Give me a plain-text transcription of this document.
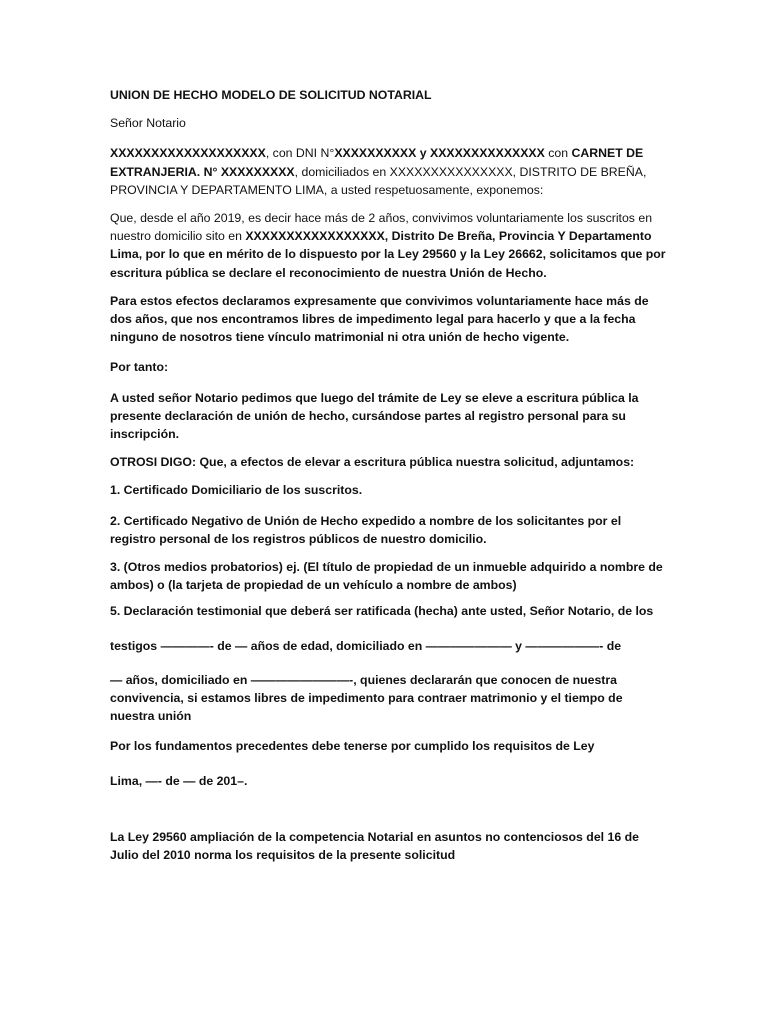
UNION DE HECHO MODELO DE SOLICITUD NOTARIAL

Señor Notario

XXXXXXXXXXXXXXXXXXX, con DNI N°XXXXXXXXXX y XXXXXXXXXXXXXX con CARNET DE EXTRANJERIA. N° XXXXXXXXX, domiciliados en XXXXXXXXXXXXXXX, DISTRITO DE BREÑA, PROVINCIA Y DEPARTAMENTO LIMA, a usted respetuosamente, exponemos:

Que, desde el año 2019, es decir hace más de 2 años, convivimos voluntariamente los suscritos en nuestro domicilio sito en XXXXXXXXXXXXXXXXX, Distrito De Breña, Provincia Y Departamento Lima, por lo que en mérito de lo dispuesto por la Ley 29560 y la Ley 26662, solicitamos que por escritura pública se declare el reconocimiento de nuestra Unión de Hecho.

Para estos efectos declaramos expresamente que convivimos voluntariamente hace más de dos años, que nos encontramos libres de impedimento legal para hacerlo y que a la fecha ninguno de nosotros tiene vínculo matrimonial ni otra unión de hecho vigente.

Por tanto:

A usted señor Notario pedimos que luego del trámite de Ley se eleve a escritura pública la presente declaración de unión de hecho, cursándose partes al registro personal para su inscripción.

OTROSI DIGO: Que, a efectos de elevar a escritura pública nuestra solicitud, adjuntamos:

1. Certificado Domiciliario de los suscritos.

2. Certificado Negativo de Unión de Hecho expedido a nombre de los solicitantes por el registro personal de los registros públicos de nuestro domicilio.

3. (Otros medios probatorios) ej. (El título de propiedad de un inmueble adquirido a nombre de ambos) o (la tarjeta de propiedad de un vehículo a nombre de ambos)

5. Declaración testimonial que deberá ser ratificada (hecha) ante usted, Señor Notario, de los

testigos ————- de — años de edad, domiciliado en ——————— y ——————- de

— años, domiciliado en ————————-, quienes declararán que conocen de nuestra convivencia, si estamos libres de impedimento para contraer matrimonio y el tiempo de nuestra unión

Por los fundamentos precedentes debe tenerse por cumplido los requisitos de Ley

Lima, —- de — de 201–.

La Ley 29560 ampliación de la competencia Notarial en asuntos no contenciosos del 16 de Julio del 2010 norma los requisitos de la presente solicitud
